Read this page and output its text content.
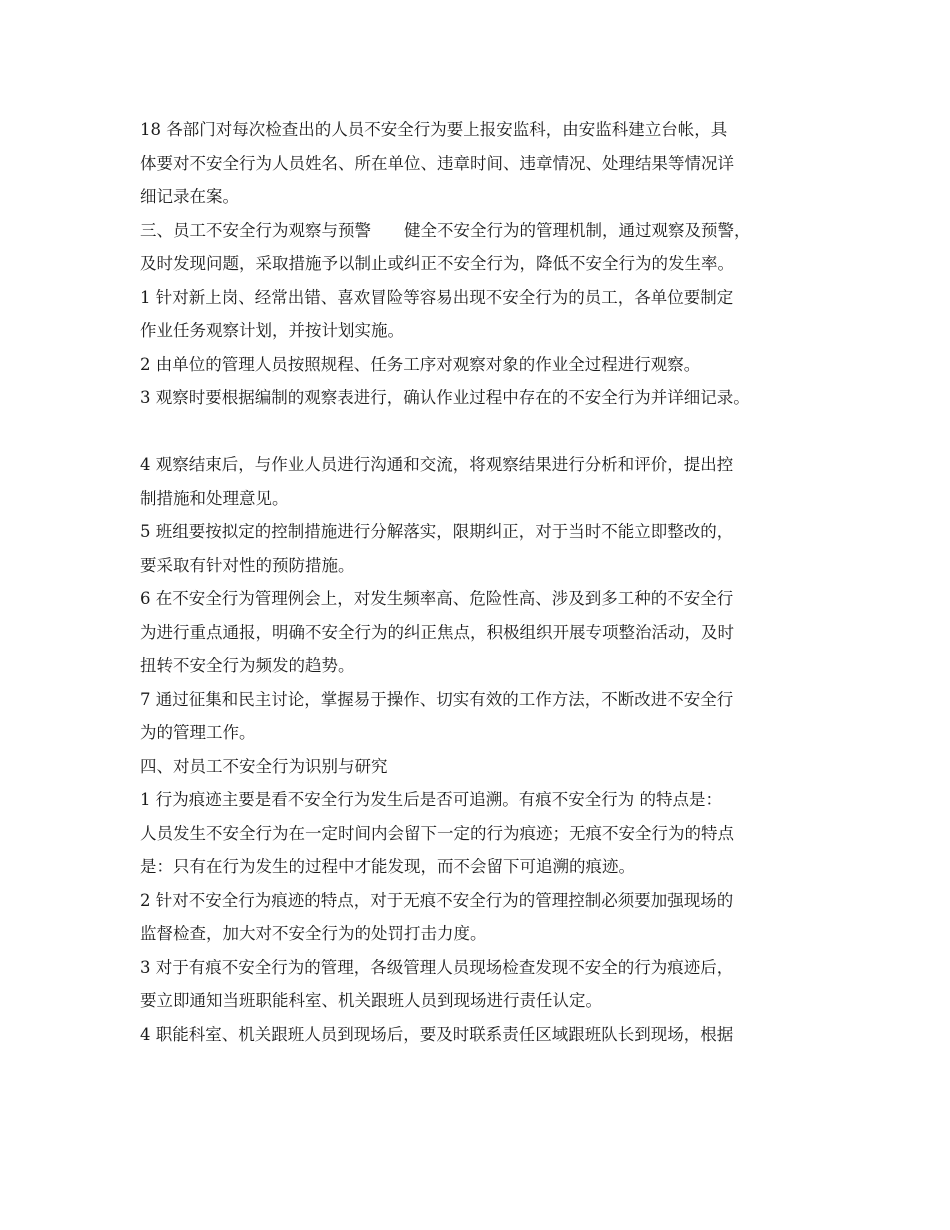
18 各部门对每次检查出的人员不安全行为要上报安监科，由安监科建立台帐，具
体要对不安全行为人员姓名、所在单位、违章时间、违章情况、处理结果等情况详
细记录在案。
三、员工不安全行为观察与预警　　健全不安全行为的管理机制，通过观察及预警，
及时发现问题，采取措施予以制止或纠正不安全行为，降低不安全行为的发生率。
1 针对新上岗、经常出错、喜欢冒险等容易出现不安全行为的员工，各单位要制定
作业任务观察计划，并按计划实施。
2 由单位的管理人员按照规程、任务工序对观察对象的作业全过程进行观察。
3 观察时要根据编制的观察表进行，确认作业过程中存在的不安全行为并详细记录。
4 观察结束后，与作业人员进行沟通和交流，将观察结果进行分析和评价，提出控
制措施和处理意见。
5 班组要按拟定的控制措施进行分解落实，限期纠正，对于当时不能立即整改的，
要采取有针对性的预防措施。
6 在不安全行为管理例会上，对发生频率高、危险性高、涉及到多工种的不安全行
为进行重点通报，明确不安全行为的纠正焦点，积极组织开展专项整治活动，及时
扭转不安全行为频发的趋势。
7 通过征集和民主讨论，掌握易于操作、切实有效的工作方法，不断改进不安全行
为的管理工作。
四、对员工不安全行为识别与研究
1 行为痕迹主要是看不安全行为发生后是否可追溯。有痕不安全行为 的特点是：
人员发生不安全行为在一定时间内会留下一定的行为痕迹；无痕不安全行为的特点
是：只有在行为发生的过程中才能发现，而不会留下可追溯的痕迹。
2 针对不安全行为痕迹的特点，对于无痕不安全行为的管理控制必须要加强现场的
监督检查，加大对不安全行为的处罚打击力度。
3 对于有痕不安全行为的管理，各级管理人员现场检查发现不安全的行为痕迹后，
要立即通知当班职能科室、机关跟班人员到现场进行责任认定。
4 职能科室、机关跟班人员到现场后，要及时联系责任区域跟班队长到现场，根据
